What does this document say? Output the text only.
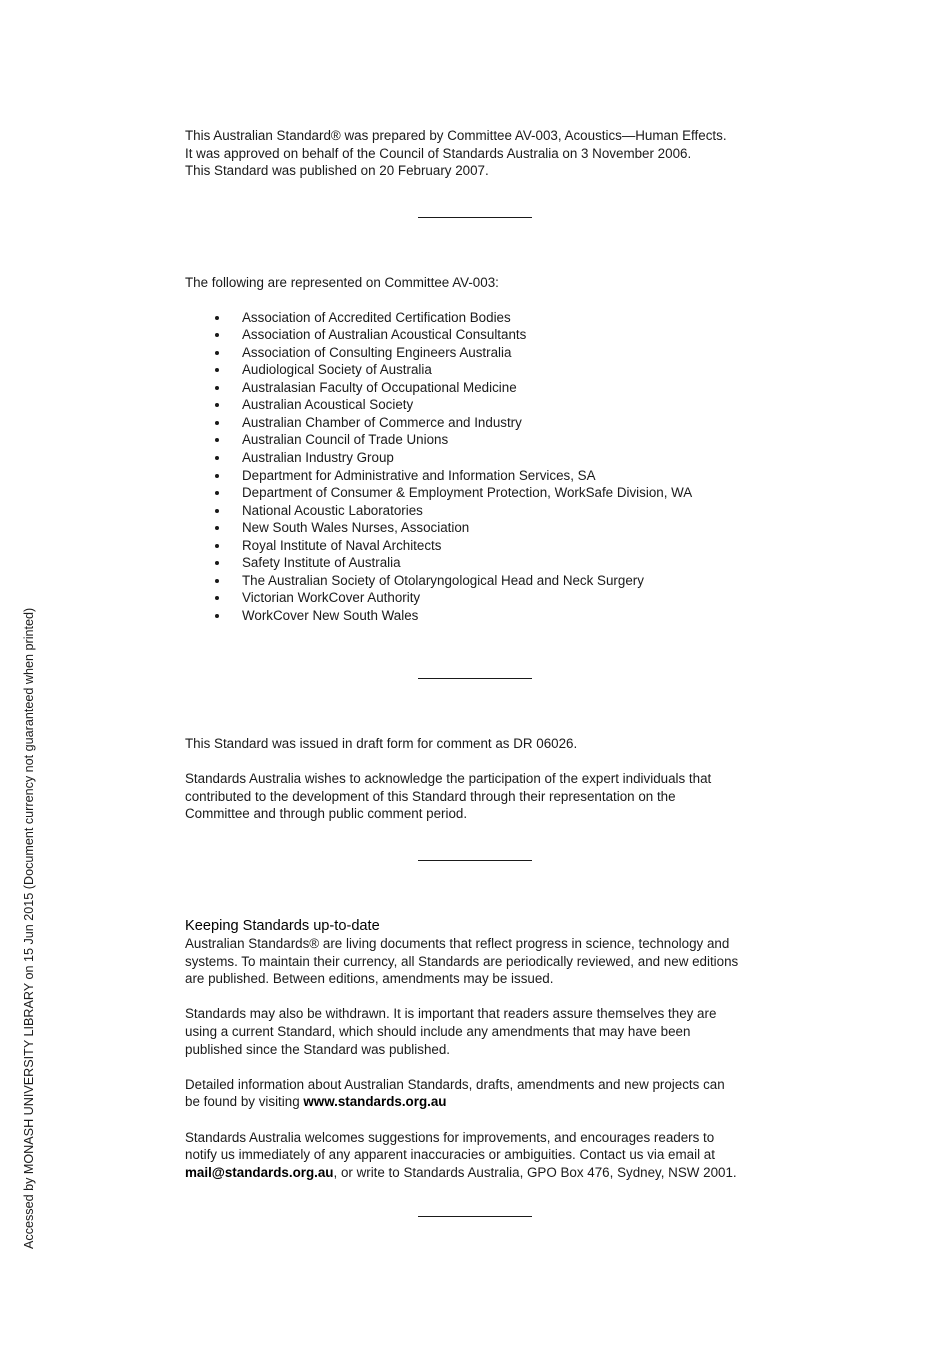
Accessed by MONASH UNIVERSITY LIBRARY on 15 Jun 2015 (Document currency not guaranteed when printed)
This Australian Standard® was prepared by Committee AV-003, Acoustics—Human Effects.
It was approved on behalf of the Council of Standards Australia on 3 November 2006.
This Standard was published on 20 February 2007.
The following are represented on Committee AV-003:
Association of Accredited Certification Bodies
Association of Australian Acoustical Consultants
Association of Consulting Engineers Australia
Audiological Society of Australia
Australasian Faculty of Occupational Medicine
Australian Acoustical Society
Australian Chamber of Commerce and Industry
Australian Council of Trade Unions
Australian Industry Group
Department for Administrative and Information Services, SA
Department of Consumer & Employment Protection, WorkSafe Division, WA
National Acoustic Laboratories
New South Wales Nurses, Association
Royal Institute of Naval Architects
Safety Institute of Australia
The Australian Society of Otolaryngological Head and Neck Surgery
Victorian WorkCover Authority
WorkCover New South Wales
This Standard was issued in draft form for comment as DR 06026.
Standards Australia wishes to acknowledge the participation of the expert individuals that
contributed to the development of this Standard through their representation on the
Committee and through public comment period.
Keeping Standards up-to-date
Australian Standards® are living documents that reflect progress in science, technology and
systems. To maintain their currency, all Standards are periodically reviewed, and new editions
are published. Between editions, amendments may be issued.
Standards may also be withdrawn. It is important that readers assure themselves they are
using a current Standard, which should include any amendments that may have been
published since the Standard was published.
Detailed information about Australian Standards, drafts, amendments and new projects can
be found by visiting www.standards.org.au
Standards Australia welcomes suggestions for improvements, and encourages readers to
notify us immediately of any apparent inaccuracies or ambiguities. Contact us via email at
mail@standards.org.au, or write to Standards Australia, GPO Box 476, Sydney, NSW 2001.
